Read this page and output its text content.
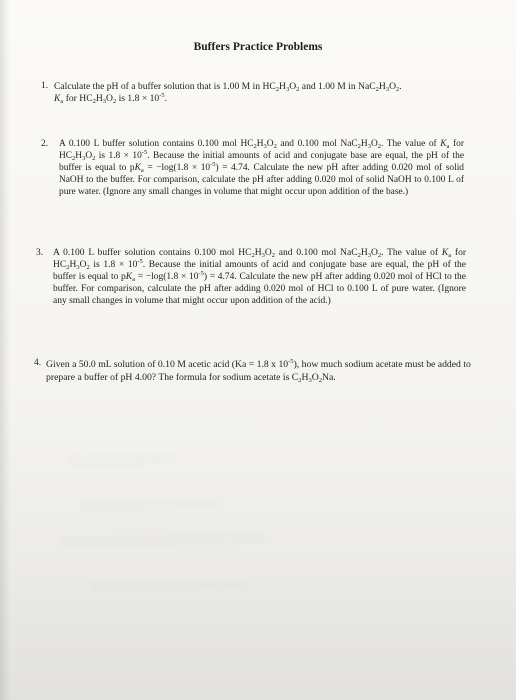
░░░░░░░░░░░░░░░
░░░░░░░░░░░░░░░░░░░░
░░░░░░░░░░░░░░░░░░░░░░░░░░░░░
░░░░░░░░░░░░░░░░░░░░░░
Buffers Practice Problems
1. Calculate the pH of a buffer solution that is 1.00 M in $HC_2H_3O_2$ and 1.00 M in $NaC_2H_3O_2$.
$K_a$ for $HC_2H_3O_2$ is $1.8 \times 10^{-5}$.
2. A 0.100 L buffer solution contains 0.100 mol $HC_2H_3O_2$ and 0.100 mol $NaC_2H_3O_2$. The value of $K_a$ for $HC_2H_3O_2$ is $1.8 \times 10^{-5}$. Because the initial amounts of acid and conjugate base are equal, the pH of the buffer is equal to $pK_a = -\log(1.8 \times 10^{-5}) = 4.74$. Calculate the new pH after adding 0.020 mol of solid NaOH to the buffer. For comparison, calculate the pH after adding 0.020 mol of solid NaOH to 0.100 L of pure water. (Ignore any small changes in volume that might occur upon addition of the base.)
3. A 0.100 L buffer solution contains 0.100 mol $HC_2H_3O_2$ and 0.100 mol $NaC_2H_3O_2$. The value of $K_a$ for $HC_2H_3O_2$ is $1.8 \times 10^{-5}$. Because the initial amounts of acid and conjugate base are equal, the pH of the buffer is equal to $pK_a = -\log(1.8 \times 10^{-5}) = 4.74$. Calculate the new pH after adding 0.020 mol of HCl to the buffer. For comparison, calculate the pH after adding 0.020 mol of HCl to 0.100 L of pure water. (Ignore any small changes in volume that might occur upon addition of the acid.)
4. Given a 50.0 mL solution of 0.10 M acetic acid (Ka = 1.8 x $10^{-5}$), how much sodium acetate must be added to prepare a buffer of pH 4.00? The formula for sodium acetate is $C_2H_3O_2Na$.
